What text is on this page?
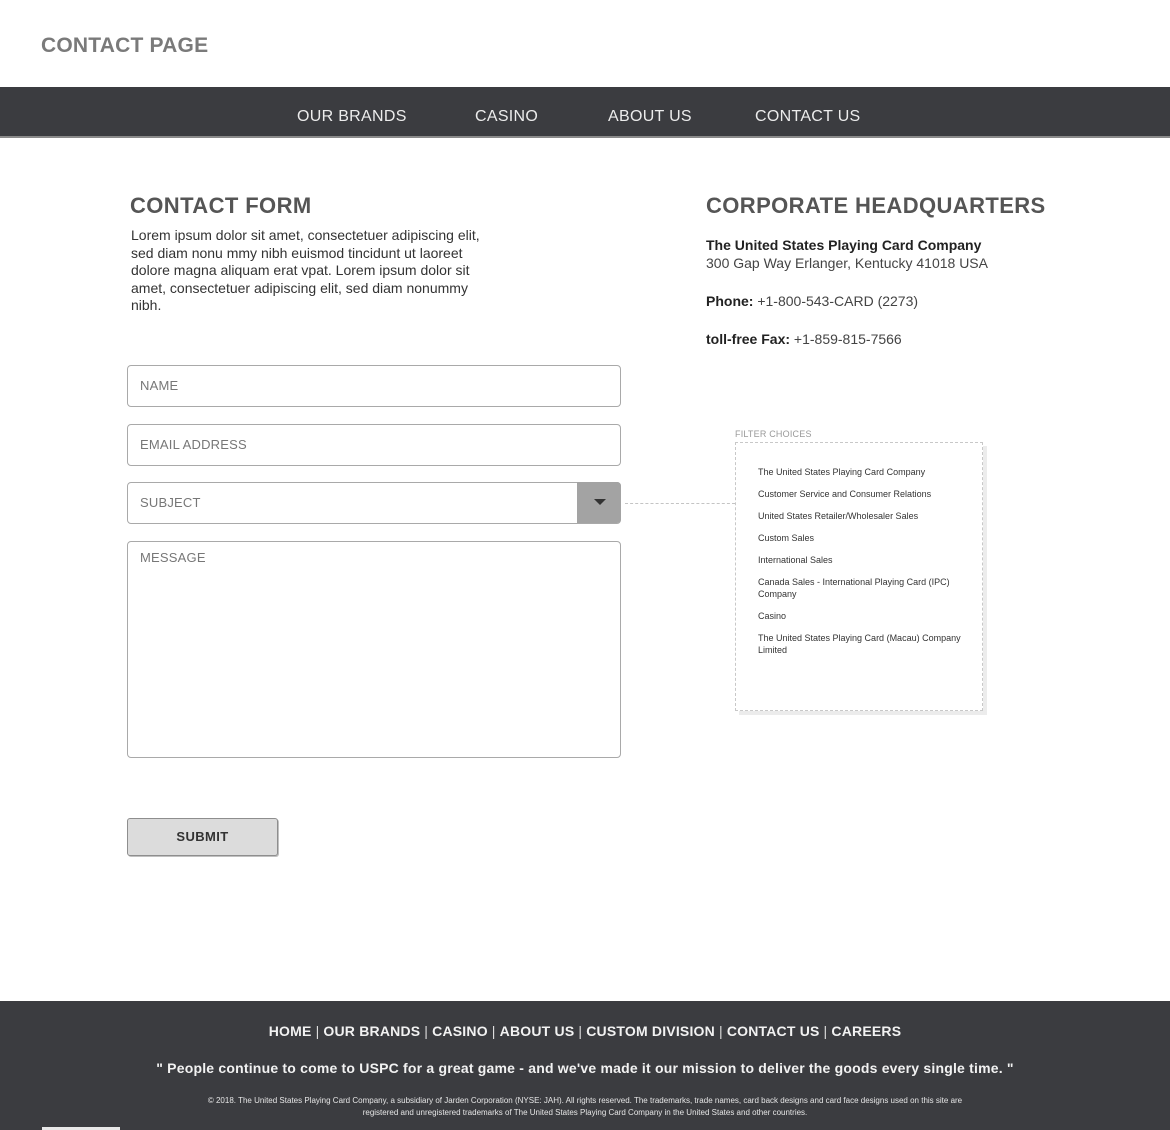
CONTACT PAGE
OUR BRANDS	CASINO	ABOUT US	CONTACT US
CONTACT FORM

Lorem ipsum dolor sit amet, consectetuer adipiscing elit, sed diam nonu mmy nibh euismod tincidunt ut laoreet dolore magna aliquam erat vpat. Lorem ipsum dolor sit amet, consectetuer adipiscing elit, sed diam nonummy nibh.

NAME
EMAIL ADDRESS
SUBJECT
MESSAGE
SUBMIT
CORPORATE HEADQUARTERS
The United States Playing Card Company
300 Gap Way Erlanger, Kentucky 41018 USA
Phone: +1-800-543-CARD (2273)
toll-free Fax: +1-859-815-7566
FILTER CHOICES
The United States Playing Card Company
Customer Service and Consumer Relations
United States Retailer/Wholesaler Sales
Custom Sales
International Sales
Canada Sales - International Playing Card (IPC) Company
Casino
The United States Playing Card (Macau) Company Limited
HOME | OUR BRANDS | CASINO | ABOUT US | CUSTOM DIVISION | CONTACT US | CAREERS
" People continue to come to USPC for a great game - and we've made it our mission to deliver the goods every single time. "
© 2018. The United States Playing Card Company, a subsidiary of Jarden Corporation (NYSE: JAH). All rights reserved. The trademarks, trade names, card back designs and card face designs used on this site are registered and unregistered trademarks of The United States Playing Card Company in the United States and other countries.
